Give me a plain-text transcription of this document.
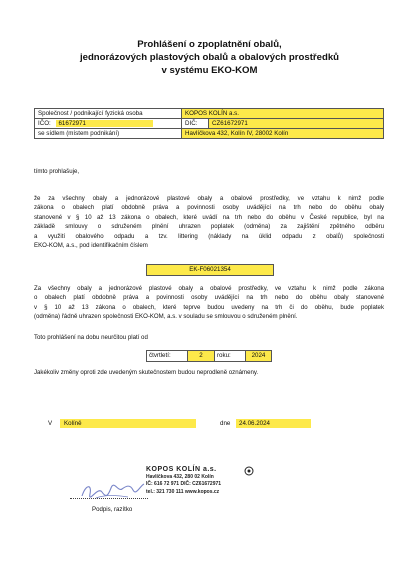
Prohlášení o zpoplatnění obalů,
jednorázových plastových obalů a obalových prostředků
v systému EKO-KOM
Společnost / podnikající fyzická osoba	KOPOS KOLÍN a.s.	
IČO: 61672971	DIČ:	CZ61672971
se sídlem (místem podnikání)	Havlíčkova 432, Kolín IV, 28002 Kolín	
tímto prohlašuje,
že za všechny obaly a jednorázové plastové obaly a obalové prostředky, ve vztahu k nimž podle
zákona o obalech platí obdobně práva a povinnosti osoby uvádějící na trh nebo do oběhu obaly
stanovené v § 10 až 13 zákona o obalech, které uvádí na trh nebo do oběhu v České republice, byl na
základě smlouvy o sdruženém plnění uhrazen poplatek (odměna) za zajištění zpětného odběru
a využití obalového odpadu a tzv. littering (náklady na úklid odpadu z obalů) společnosti
EKO-KOM, a.s., pod identifikačním číslem
EK-F06021354
Za všechny obaly a jednorázové plastové obaly a obalové prostředky, ve vztahu k nimž podle zákona
o obalech platí obdobně práva a povinnosti osoby uvádějící na trh nebo do oběhu obaly stanovené
v § 10 až 13 zákona o obalech, které teprve budou uvedeny na trh či do oběhu, bude poplatek
(odměna) řádně uhrazen společnosti EKO-KOM, a.s. v souladu se smlouvou o sdruženém plnění.
Toto prohlášení na dobu neurčitou platí od
čtvrtletí:	2	roku:	2024
Jakékoliv změny oproti zde uvedeným skutečnostem budou neprodleně oznámeny.
V	Kolíně	dne	24.06.2024
KOPOS KOLÍN a.s.
Havlíčkova 432, 280 02 Kolín
IČ: 616 72 971 DIČ: CZ61672971
tel.: 321 730 111 www.kopos.cz
Podpis, razítko
